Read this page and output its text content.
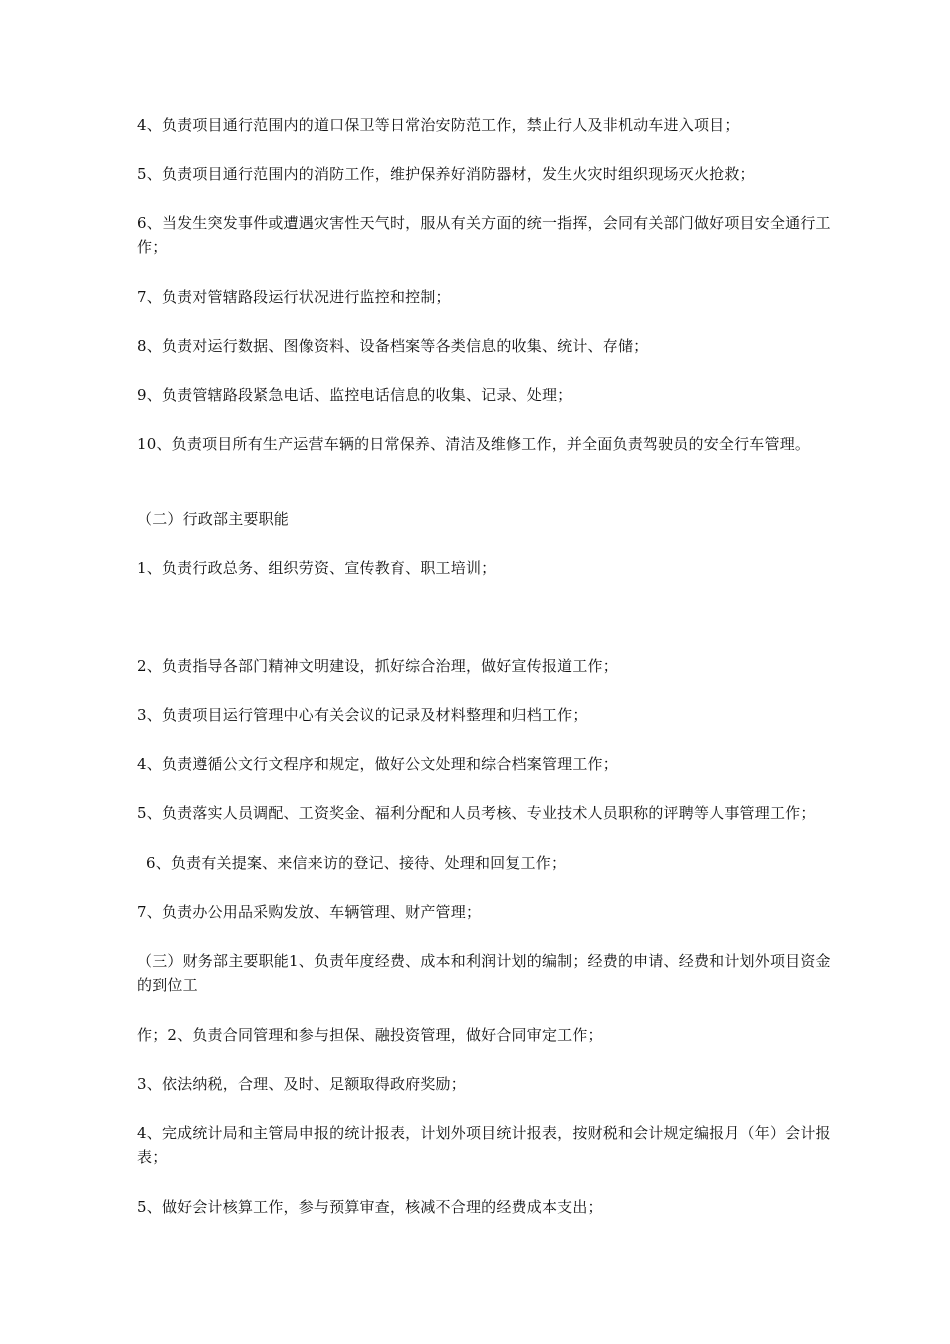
4、负责项目通行范围内的道口保卫等日常治安防范工作，禁止行人及非机动车进入项目；
5、负责项目通行范围内的消防工作，维护保养好消防器材，发生火灾时组织现场灭火抢救；
6、当发生突发事件或遭遇灾害性天气时，服从有关方面的统一指挥，会同有关部门做好项目安全通行工作；
7、负责对管辖路段运行状况进行监控和控制；
8、负责对运行数据、图像资料、设备档案等各类信息的收集、统计、存储；
9、负责管辖路段紧急电话、监控电话信息的收集、记录、处理；
10、负责项目所有生产运营车辆的日常保养、清洁及维修工作，并全面负责驾驶员的安全行车管理。
（二）行政部主要职能
1、负责行政总务、组织劳资、宣传教育、职工培训；
2、负责指导各部门精神文明建设，抓好综合治理，做好宣传报道工作；
3、负责项目运行管理中心有关会议的记录及材料整理和归档工作；
4、负责遵循公文行文程序和规定，做好公文处理和综合档案管理工作；
5、负责落实人员调配、工资奖金、福利分配和人员考核、专业技术人员职称的评聘等人事管理工作；
6、负责有关提案、来信来访的登记、接待、处理和回复工作；
7、负责办公用品采购发放、车辆管理、财产管理；
（三）财务部主要职能1、负责年度经费、成本和利润计划的编制；经费的申请、经费和计划外项目资金的到位工
作；2、负责合同管理和参与担保、融投资管理，做好合同审定工作；
3、依法纳税，合理、及时、足额取得政府奖励；
4、完成统计局和主管局申报的统计报表，计划外项目统计报表，按财税和会计规定编报月（年）会计报表；
5、做好会计核算工作，参与预算审查，核减不合理的经费成本支出；
